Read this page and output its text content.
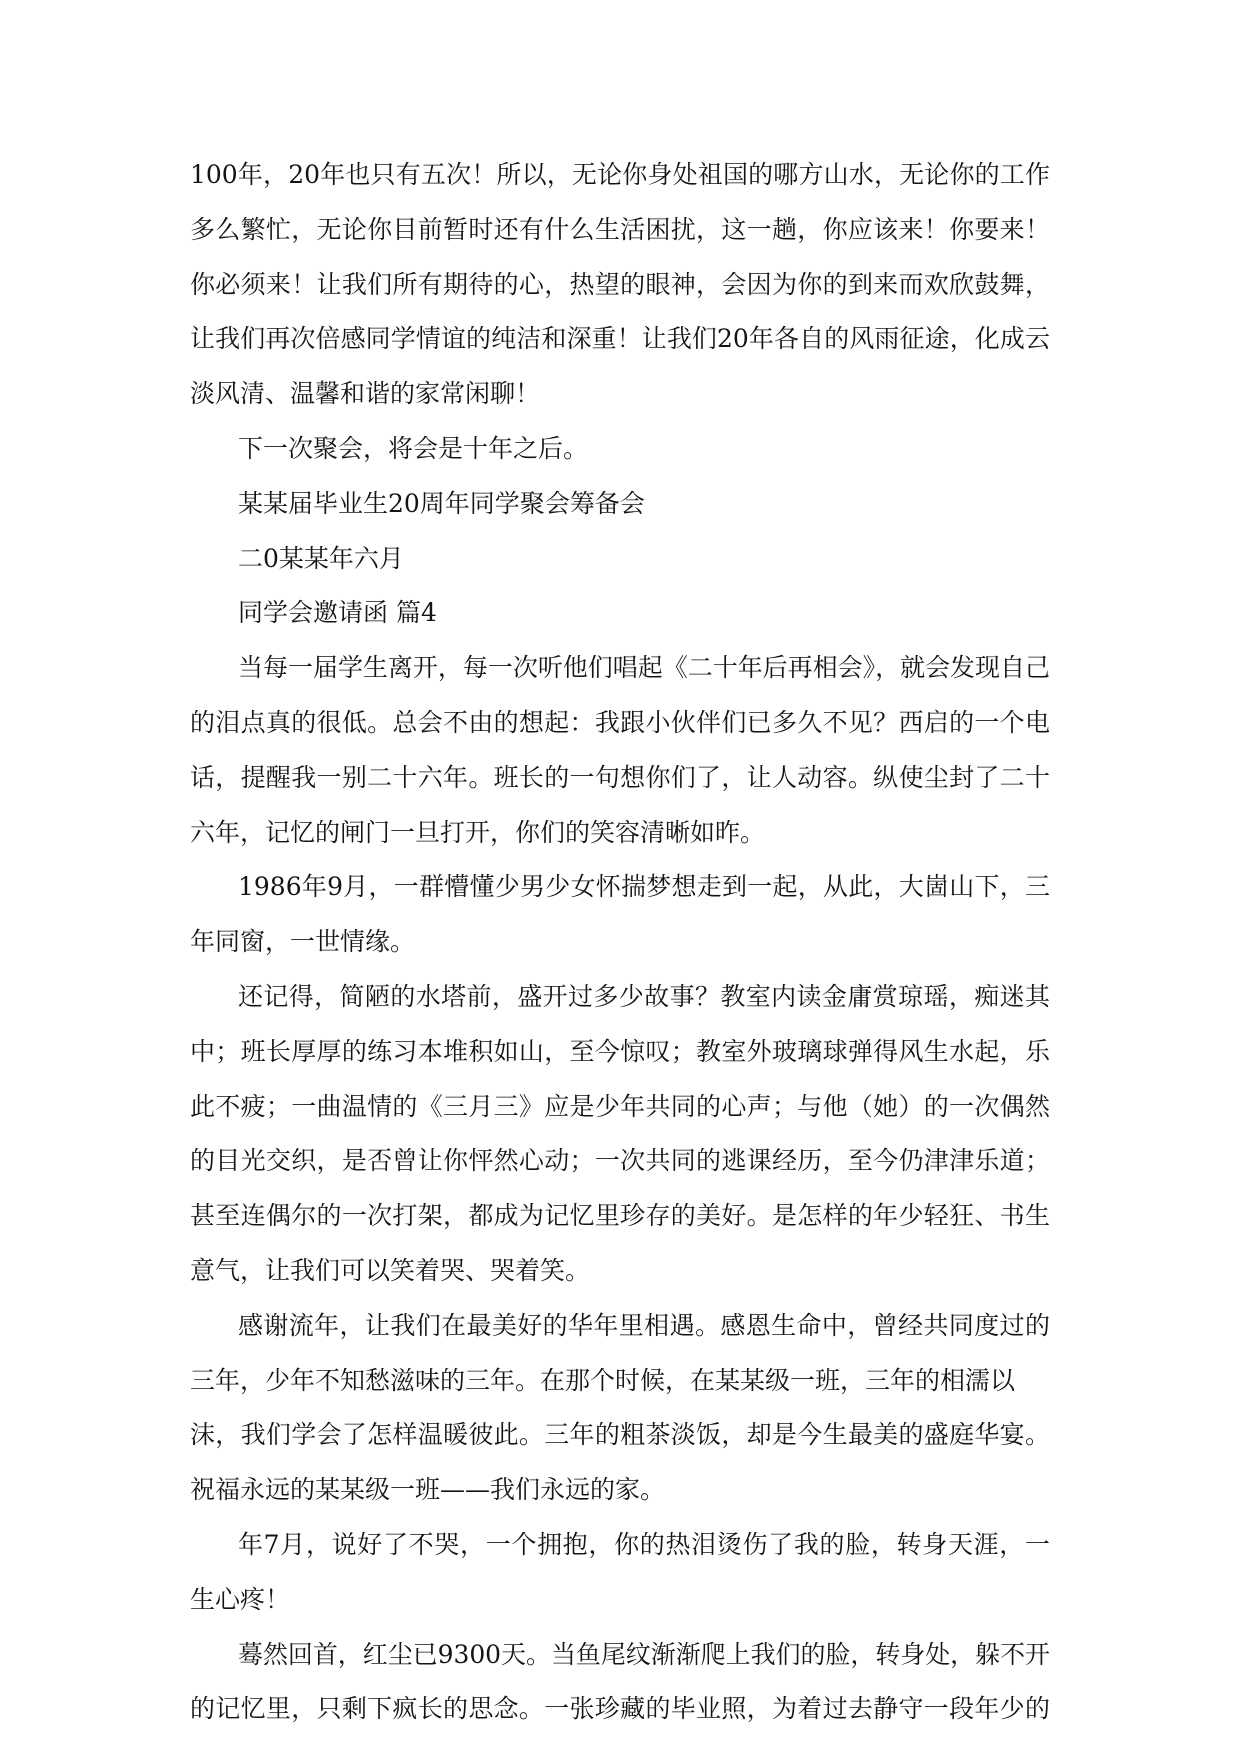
100年，20年也只有五次！所以，无论你身处祖国的哪方山水，无论你的工作
多么繁忙，无论你目前暂时还有什么生活困扰，这一趟，你应该来！你要来！
你必须来！让我们所有期待的心，热望的眼神，会因为你的到来而欢欣鼓舞，
让我们再次倍感同学情谊的纯洁和深重！让我们20年各自的风雨征途，化成云
淡风清、温馨和谐的家常闲聊！
下一次聚会，将会是十年之后。
某某届毕业生20周年同学聚会筹备会
二0某某年六月
同学会邀请函 篇4
当每一届学生离开，每一次听他们唱起《二十年后再相会》，就会发现自己
的泪点真的很低。总会不由的想起：我跟小伙伴们已多久不见？西启的一个电
话，提醒我一别二十六年。班长的一句想你们了，让人动容。纵使尘封了二十
六年，记忆的闸门一旦打开，你们的笑容清晰如昨。
1986年9月，一群懵懂少男少女怀揣梦想走到一起，从此，大崮山下，三
年同窗，一世情缘。
还记得，简陋的水塔前，盛开过多少故事？教室内读金庸赏琼瑶，痴迷其
中；班长厚厚的练习本堆积如山，至今惊叹；教室外玻璃球弹得风生水起，乐
此不疲；一曲温情的《三月三》应是少年共同的心声；与他（她）的一次偶然
的目光交织，是否曾让你怦然心动；一次共同的逃课经历，至今仍津津乐道；
甚至连偶尔的一次打架，都成为记忆里珍存的美好。是怎样的年少轻狂、书生
意气，让我们可以笑着哭、哭着笑。
感谢流年，让我们在最美好的华年里相遇。感恩生命中，曾经共同度过的
三年，少年不知愁滋味的三年。在那个时候，在某某级一班，三年的相濡以
沫，我们学会了怎样温暖彼此。三年的粗茶淡饭，却是今生最美的盛庭华宴。
祝福永远的某某级一班——我们永远的家。
年7月，说好了不哭，一个拥抱，你的热泪烫伤了我的脸，转身天涯，一
生心疼！
蓦然回首，红尘已9300天。当鱼尾纹渐渐爬上我们的脸，转身处，躲不开
的记忆里，只剩下疯长的思念。一张珍藏的毕业照，为着过去静守一段年少的
